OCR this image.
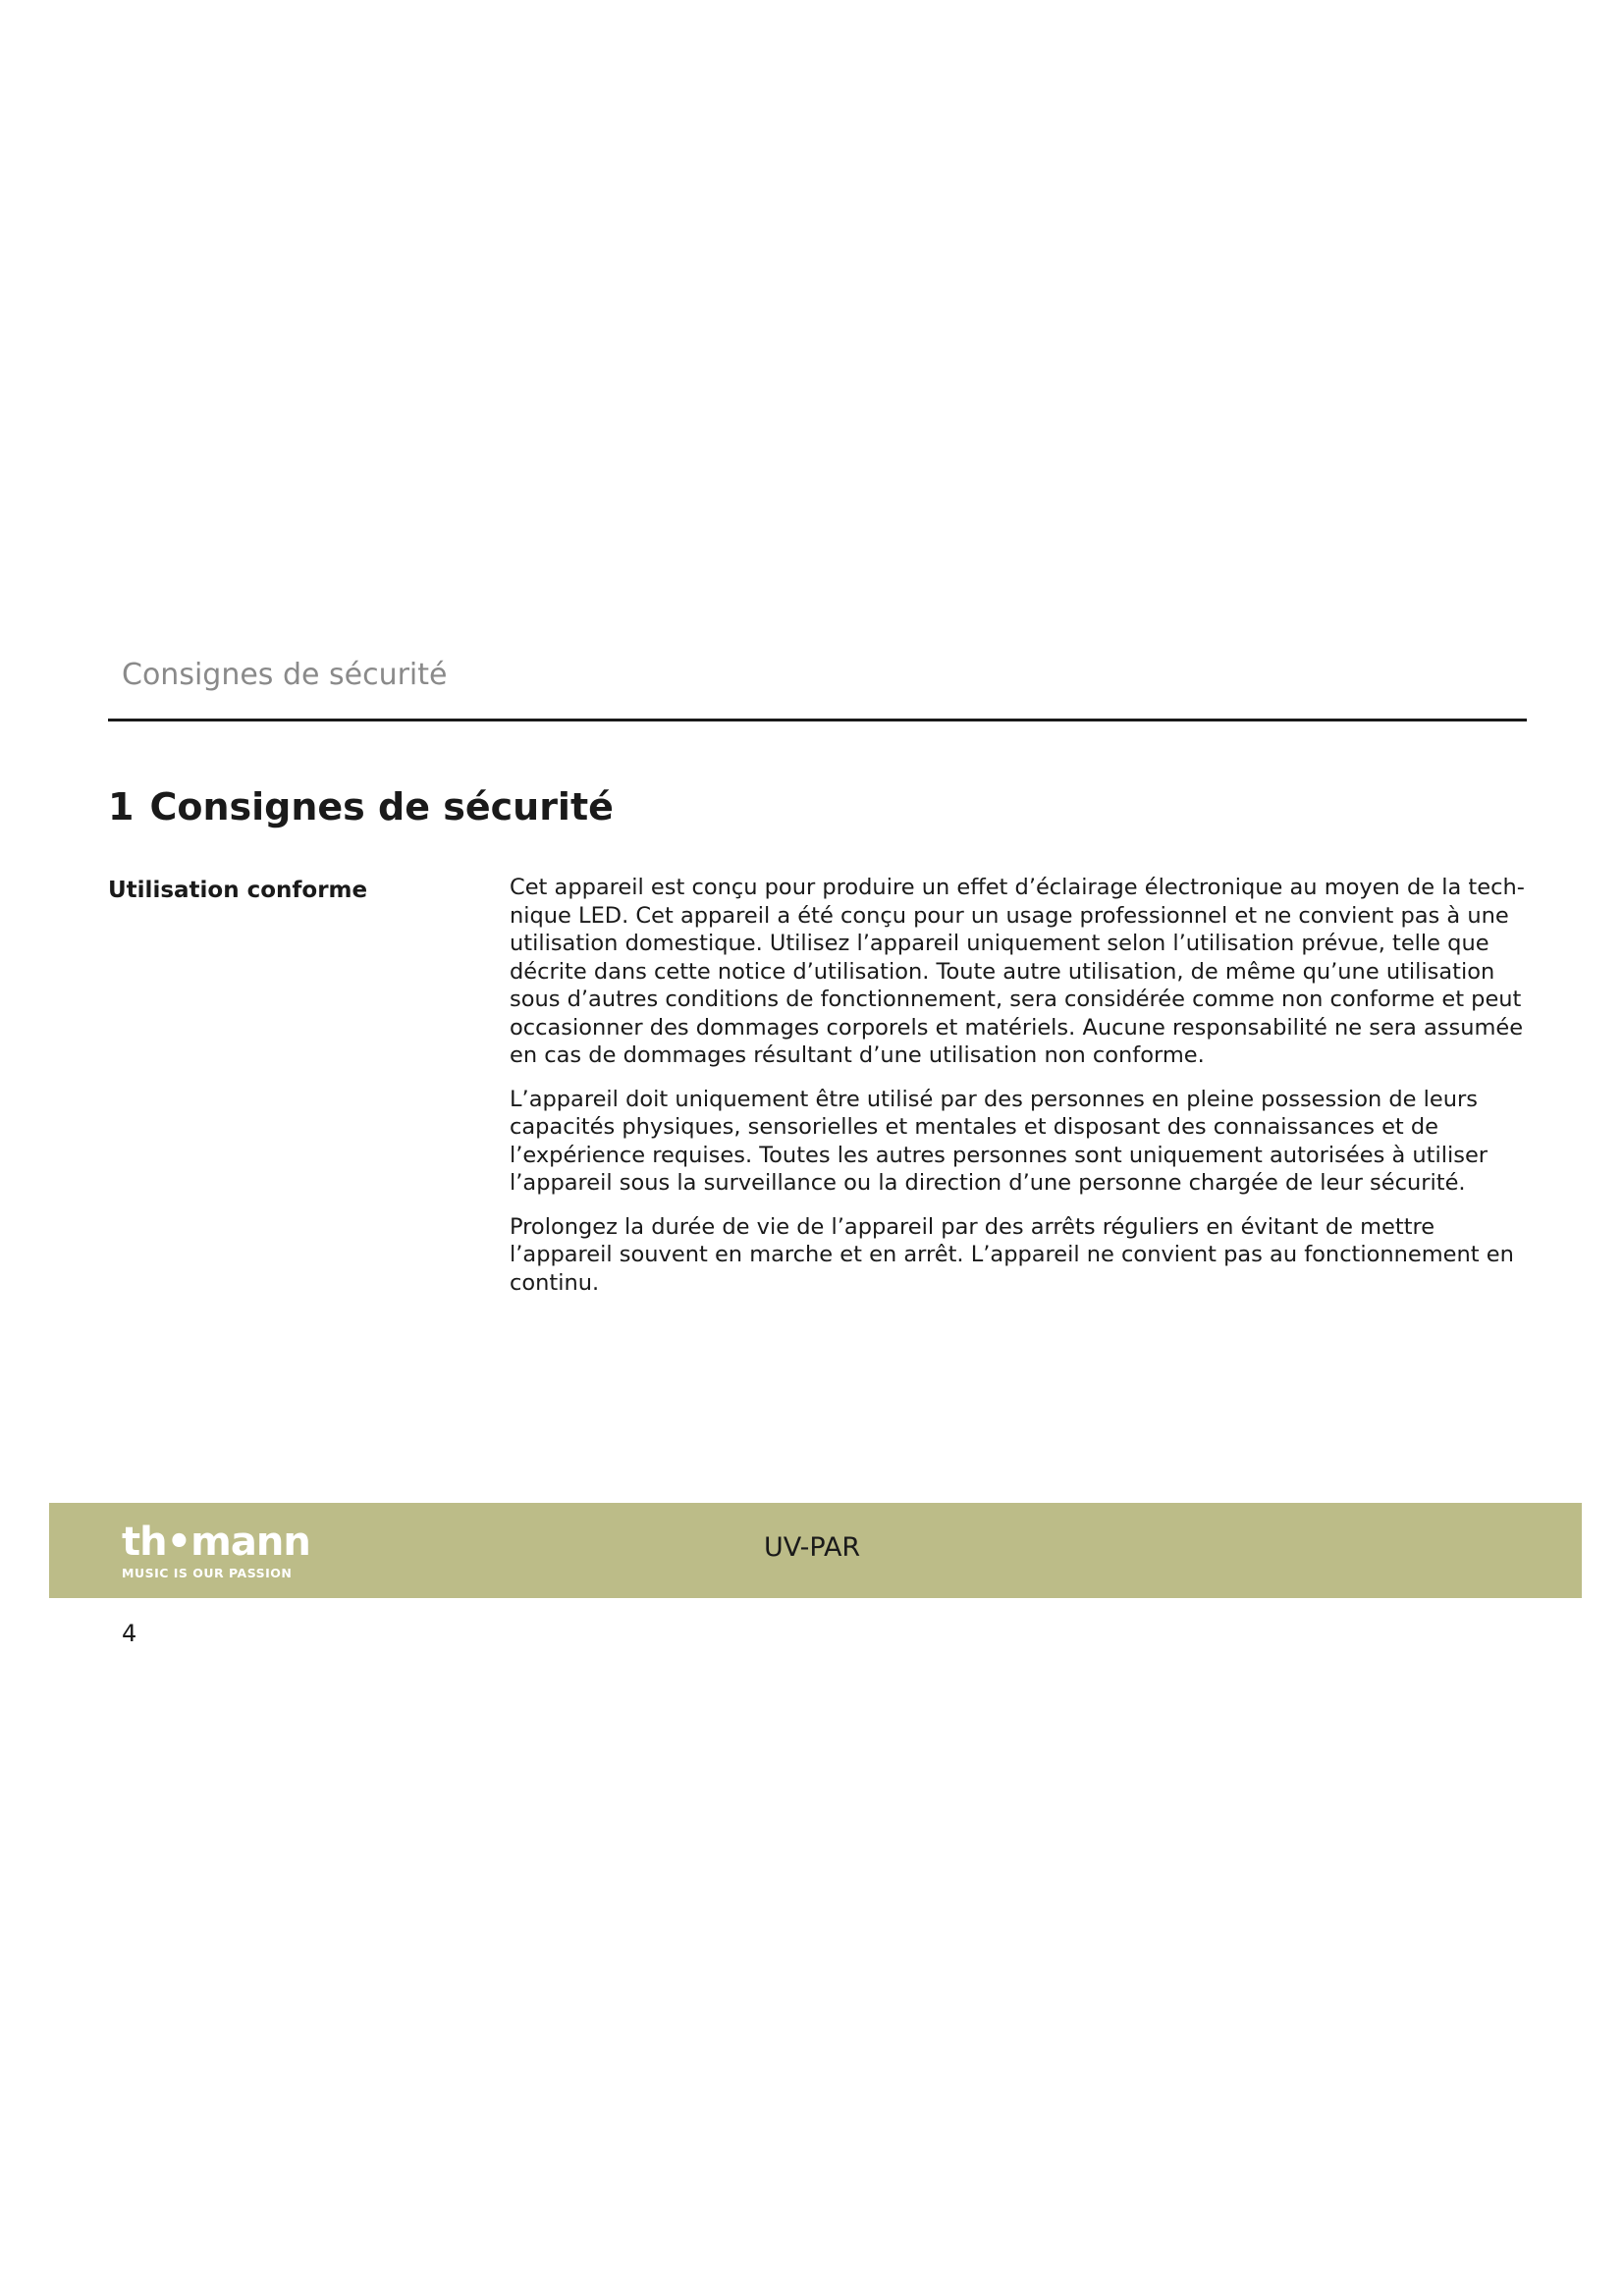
Consignes de sécurité
1 Consignes de sécurité
Utilisation conforme	Cet appareil est conçu pour produire un effet d’éclairage électronique au moyen de la technique LED. Cet appareil a été conçu pour un usage professionnel et ne convient pas à une utilisation domestique. Utilisez l’appareil uniquement selon l’utilisation prévue, telle que décrite dans cette notice d’utilisation. Toute autre utilisation, de même qu’une utilisation sous d’autres conditions de fonctionnement, sera considérée comme non conforme et peut occasionner des dommages corporels et matériels. Aucune responsabilité ne sera assumée en cas de dommages résultant d’une utilisation non conforme.

L’appareil doit uniquement être utilisé par des personnes en pleine possession de leurs capacités physiques, sensorielles et mentales et disposant des connaissances et de l’expérience requises. Toutes les autres personnes sont uniquement autorisées à utiliser l’appareil sous la surveillance ou la direction d’une personne chargée de leur sécurité.

Prolongez la durée de vie de l’appareil par des arrêts réguliers en évitant de mettre l’appareil souvent en marche et en arrêt. L’appareil ne convient pas au fonctionnement en continu.

th•mann
MUSIC IS OUR PASSION
UV-PAR
4
